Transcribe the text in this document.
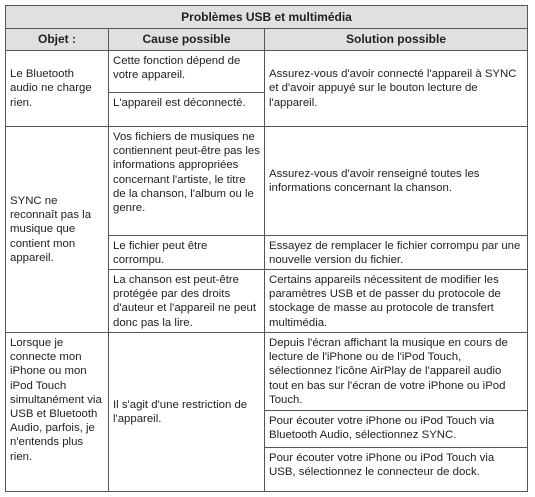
Problèmes USB et multimédia
Objet :	Cause possible	Solution possible
Le Bluetooth audio ne charge rien.
SYNC ne reconnaît pas la musique que contient mon appareil.
Lorsque je connecte mon iPhone ou mon iPod Touch simultanément via USB et Bluetooth Audio, parfois, je n'entends plus rien.
Cette fonction dépend de votre appareil.
L'appareil est déconnecté.
Vos fichiers de musiques ne contiennent peut-être pas les informations appropriées concernant l'artiste, le titre de la chanson, l'album ou le genre.
Le fichier peut être corrompu.
La chanson est peut-être protégée par des droits d'auteur et l'appareil ne peut donc pas la lire.
Il s'agit d'une restriction de l'appareil.
Assurez-vous d'avoir connecté l'appareil à SYNC et d'avoir appuyé sur le bouton lecture de l'appareil.
Assurez-vous d'avoir renseigné toutes les informations concernant la chanson.
Essayez de remplacer le fichier corrompu par une nouvelle version du fichier.
Certains appareils nécessitent de modifier les paramètres USB et de passer du protocole de stockage de masse au protocole de transfert multimédia.
Depuis l'écran affichant la musique en cours de lecture de l'iPhone ou de l'iPod Touch, sélectionnez l'icône AirPlay de l'appareil audio tout en bas sur l'écran de votre iPhone ou iPod Touch.
Pour écouter votre iPhone ou iPod Touch via Bluetooth Audio, sélectionnez SYNC.
Pour écouter votre iPhone ou iPod Touch via USB, sélectionnez le connecteur de dock.
